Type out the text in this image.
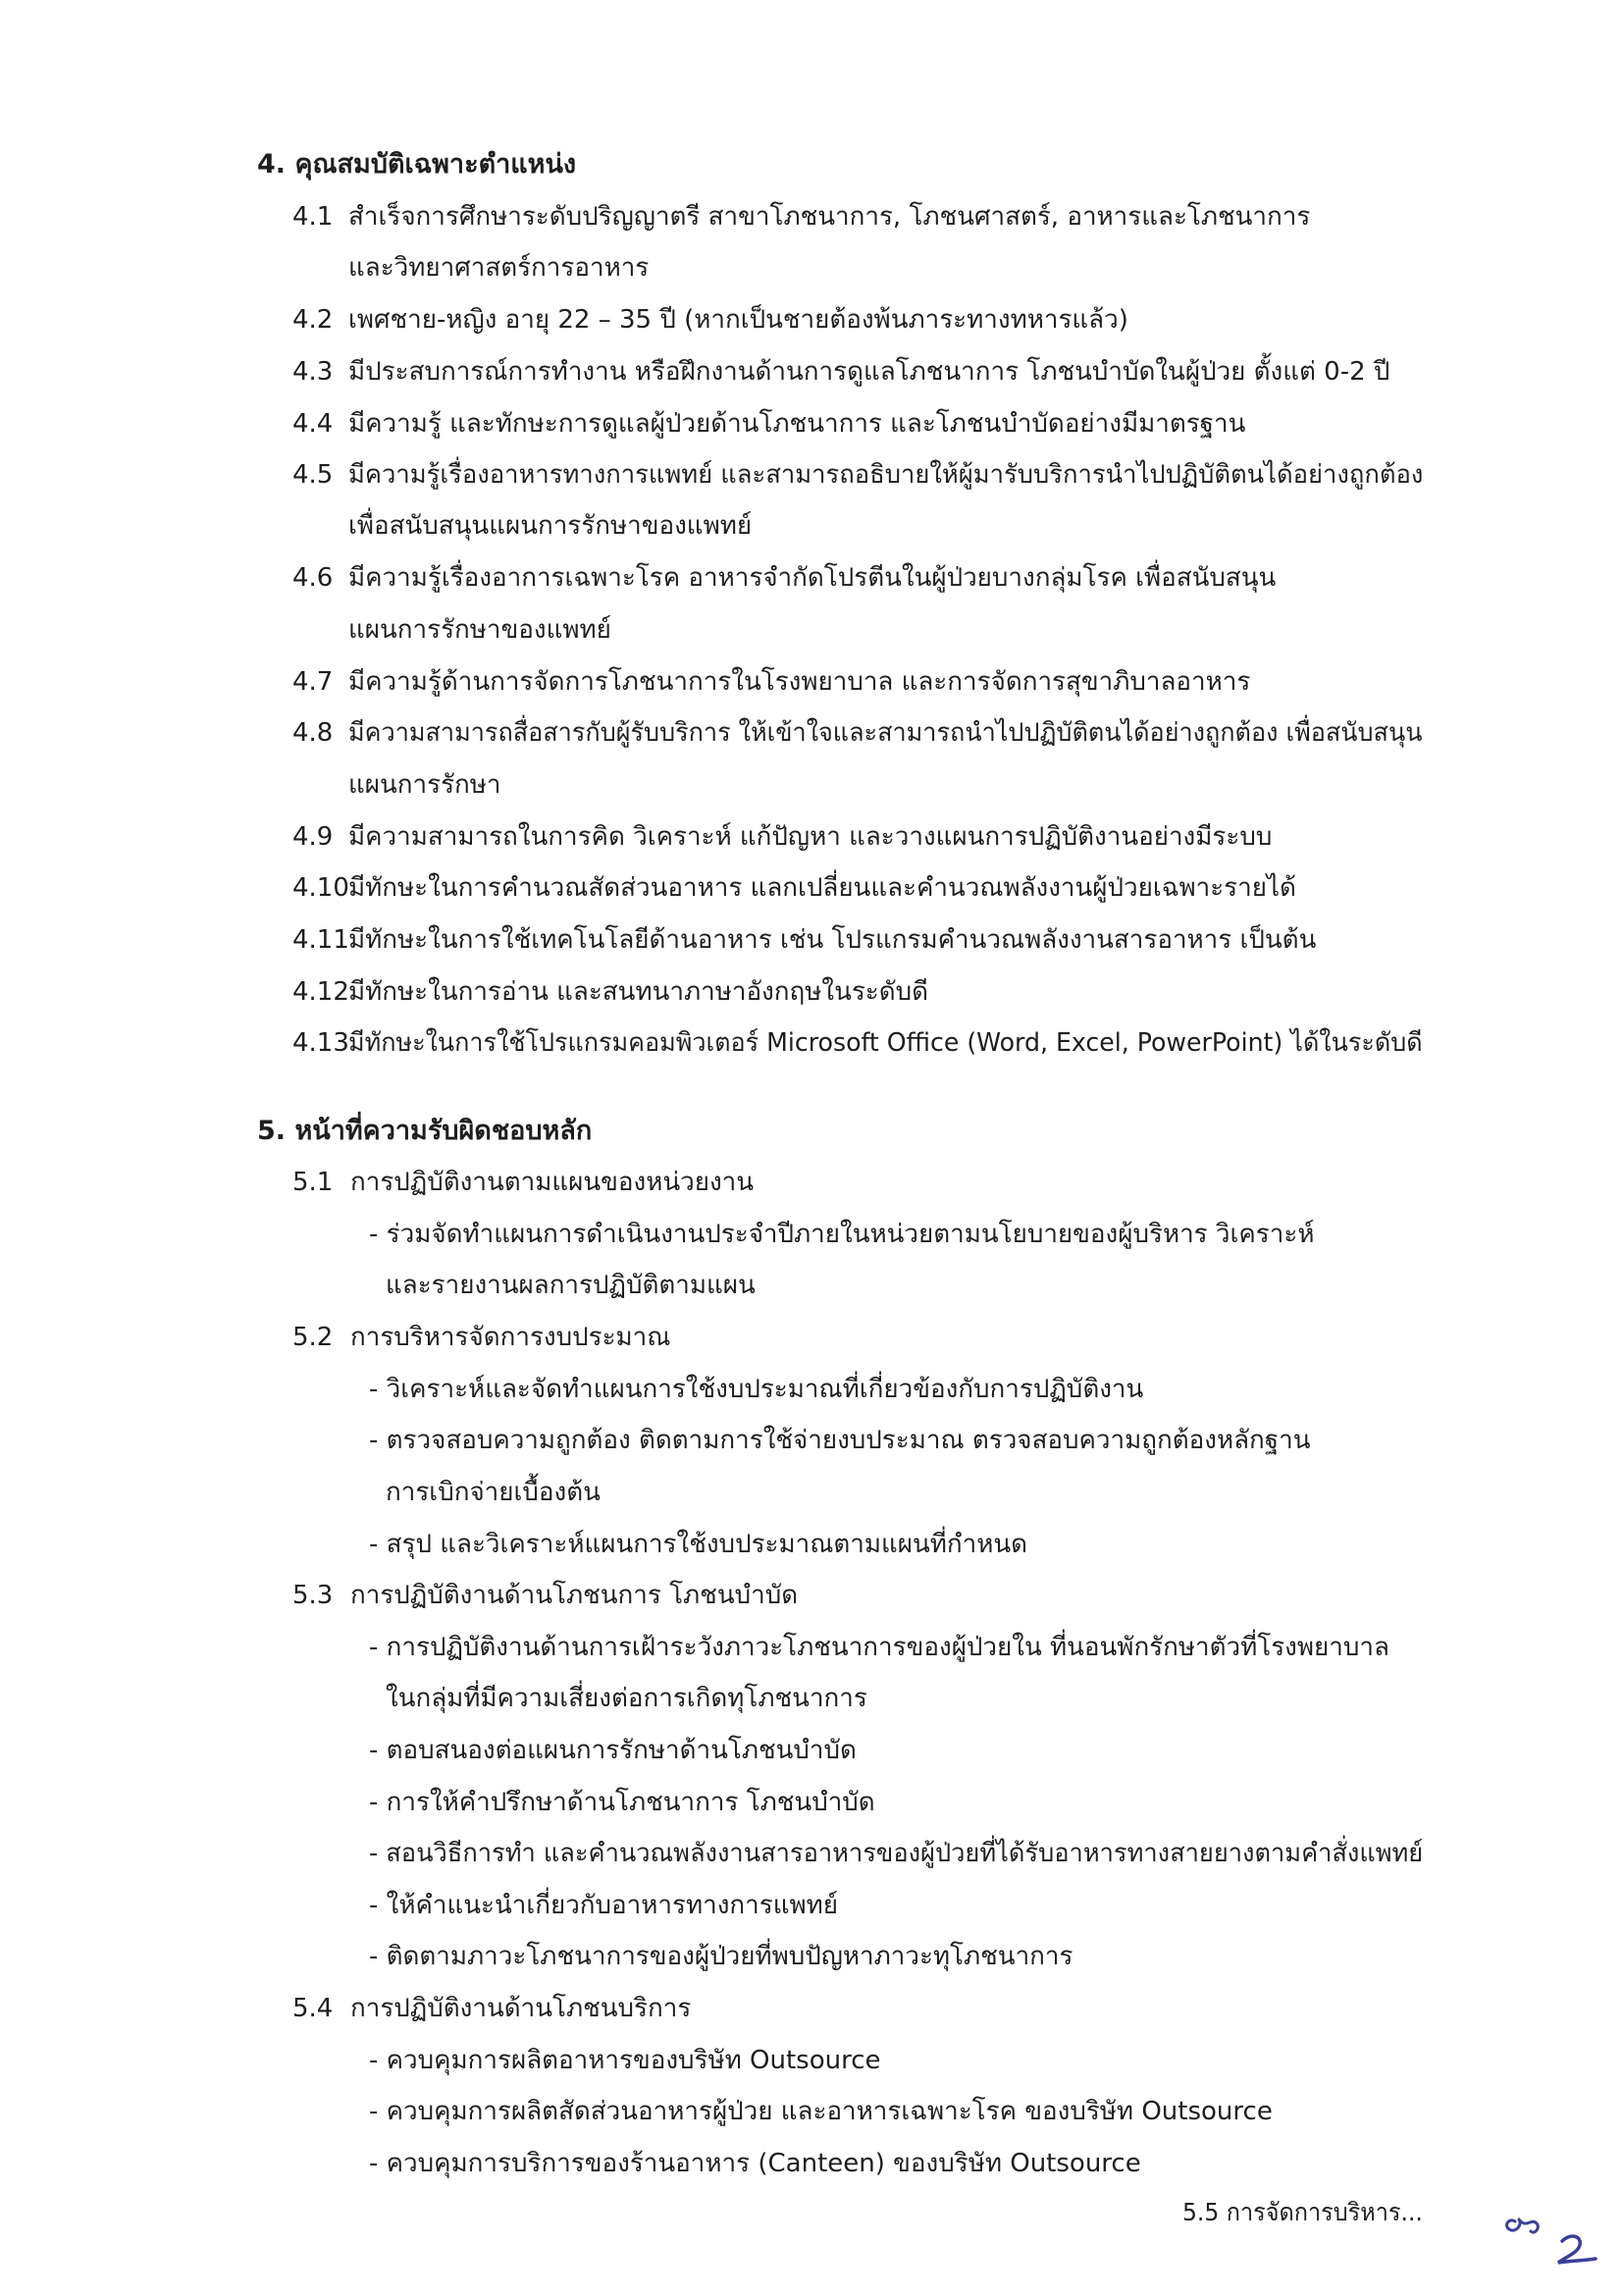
4. คุณสมบัติเฉพาะตำแหน่ง
4.1 สำเร็จการศึกษาระดับปริญญาตรี สาขาโภชนาการ, โภชนศาสตร์, อาหารและโภชนาการ
และวิทยาศาสตร์การอาหาร
4.2 เพศชาย-หญิง อายุ 22 – 35 ปี (หากเป็นชายต้องพ้นภาระทางทหารแล้ว)
4.3 มีประสบการณ์การทำงาน หรือฝึกงานด้านการดูแลโภชนาการ โภชนบำบัดในผู้ป่วย ตั้งแต่ 0-2 ปี
4.4 มีความรู้ และทักษะการดูแลผู้ป่วยด้านโภชนาการ และโภชนบำบัดอย่างมีมาตรฐาน
4.5 มีความรู้เรื่องอาหารทางการแพทย์ และสามารถอธิบายให้ผู้มารับบริการนำไปปฏิบัติตนได้อย่างถูกต้อง
เพื่อสนับสนุนแผนการรักษาของแพทย์
4.6 มีความรู้เรื่องอาการเฉพาะโรค อาหารจำกัดโปรตีนในผู้ป่วยบางกลุ่มโรค เพื่อสนับสนุน
แผนการรักษาของแพทย์
4.7 มีความรู้ด้านการจัดการโภชนาการในโรงพยาบาล และการจัดการสุขาภิบาลอาหาร
4.8 มีความสามารถสื่อสารกับผู้รับบริการ ให้เข้าใจและสามารถนำไปปฏิบัติตนได้อย่างถูกต้อง เพื่อสนับสนุน
แผนการรักษา
4.9 มีความสามารถในการคิด วิเคราะห์ แก้ปัญหา และวางแผนการปฏิบัติงานอย่างมีระบบ
4.10 มีทักษะในการคำนวณสัดส่วนอาหาร แลกเปลี่ยนและคำนวณพลังงานผู้ป่วยเฉพาะรายได้
4.11 มีทักษะในการใช้เทคโนโลยีด้านอาหาร เช่น โปรแกรมคำนวณพลังงานสารอาหาร เป็นต้น
4.12 มีทักษะในการอ่าน และสนทนาภาษาอังกฤษในระดับดี
4.13 มีทักษะในการใช้โปรแกรมคอมพิวเตอร์ Microsoft Office (Word, Excel, PowerPoint) ได้ในระดับดี
5. หน้าที่ความรับผิดชอบหลัก
5.1 การปฏิบัติงานตามแผนของหน่วยงาน
- ร่วมจัดทำแผนการดำเนินงานประจำปีภายในหน่วยตามนโยบายของผู้บริหาร วิเคราะห์
และรายงานผลการปฏิบัติตามแผน
5.2 การบริหารจัดการงบประมาณ
- วิเคราะห์และจัดทำแผนการใช้งบประมาณที่เกี่ยวข้องกับการปฏิบัติงาน
- ตรวจสอบความถูกต้อง ติดตามการใช้จ่ายงบประมาณ ตรวจสอบความถูกต้องหลักฐาน
การเบิกจ่ายเบื้องต้น
- สรุป และวิเคราะห์แผนการใช้งบประมาณตามแผนที่กำหนด
5.3 การปฏิบัติงานด้านโภชนการ โภชนบำบัด
- การปฏิบัติงานด้านการเฝ้าระวังภาวะโภชนาการของผู้ป่วยใน ที่นอนพักรักษาตัวที่โรงพยาบาล
ในกลุ่มที่มีความเสี่ยงต่อการเกิดทุโภชนาการ
- ตอบสนองต่อแผนการรักษาด้านโภชนบำบัด
- การให้คำปรึกษาด้านโภชนาการ โภชนบำบัด
- สอนวิธีการทำ และคำนวณพลังงานสารอาหารของผู้ป่วยที่ได้รับอาหารทางสายยางตามคำสั่งแพทย์
- ให้คำแนะนำเกี่ยวกับอาหารทางการแพทย์
- ติดตามภาวะโภชนาการของผู้ป่วยที่พบปัญหาภาวะทุโภชนาการ
5.4 การปฏิบัติงานด้านโภชนบริการ
- ควบคุมการผลิตอาหารของบริษัท Outsource
- ควบคุมการผลิตสัดส่วนอาหารผู้ป่วย และอาหารเฉพาะโรค ของบริษัท Outsource
- ควบคุมการบริการของร้านอาหาร (Canteen) ของบริษัท Outsource
5.5 การจัดการบริหาร...
